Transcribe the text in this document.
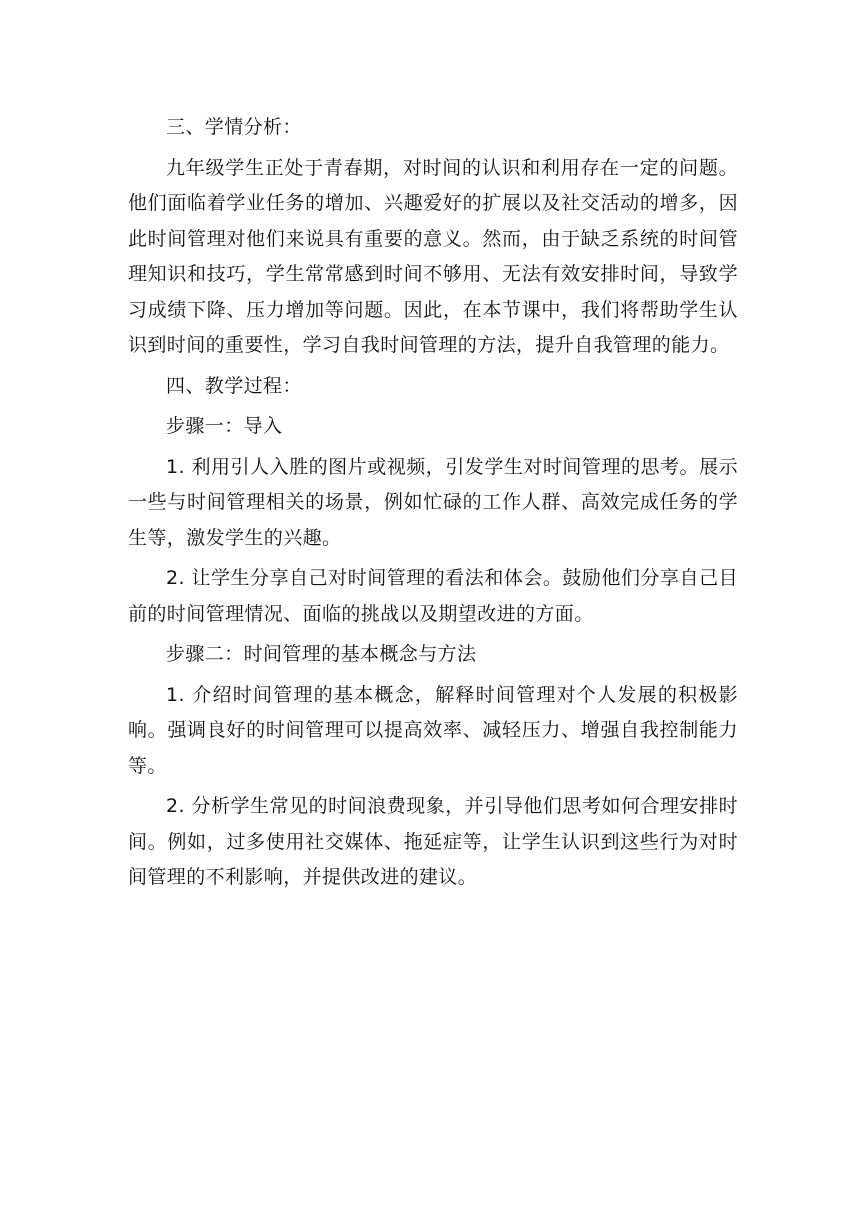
三、学情分析：

九年级学生正处于青春期，对时间的认识和利用存在一定的问题。他们面临着学业任务的增加、兴趣爱好的扩展以及社交活动的增多，因此时间管理对他们来说具有重要的意义。然而，由于缺乏系统的时间管理知识和技巧，学生常常感到时间不够用、无法有效安排时间，导致学习成绩下降、压力增加等问题。因此，在本节课中，我们将帮助学生认识到时间的重要性，学习自我时间管理的方法，提升自我管理的能力。

四、教学过程：

步骤一：导入

1. 利用引人入胜的图片或视频，引发学生对时间管理的思考。展示一些与时间管理相关的场景，例如忙碌的工作人群、高效完成任务的学生等，激发学生的兴趣。

2. 让学生分享自己对时间管理的看法和体会。鼓励他们分享自己目前的时间管理情况、面临的挑战以及期望改进的方面。

步骤二：时间管理的基本概念与方法

1. 介绍时间管理的基本概念，解释时间管理对个人发展的积极影响。强调良好的时间管理可以提高效率、减轻压力、增强自我控制能力等。

2. 分析学生常见的时间浪费现象，并引导他们思考如何合理安排时间。例如，过多使用社交媒体、拖延症等，让学生认识到这些行为对时间管理的不利影响，并提供改进的建议。
